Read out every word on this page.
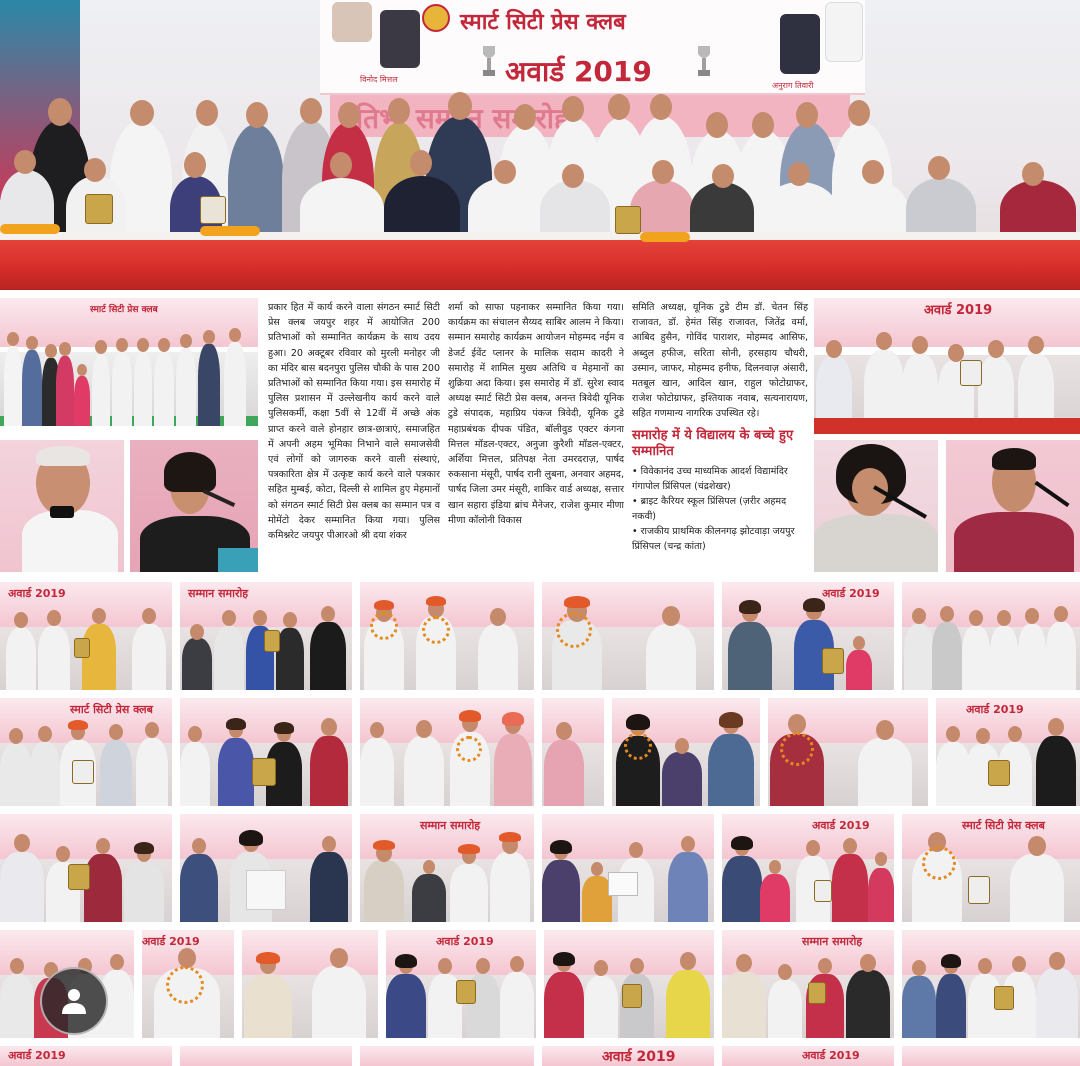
स्मार्ट सिटी प्रेस क्लब
अवार्ड 2019
विनोद मित्तल
अनुराग तिवारी
प्रतिभा
स्मार्ट सिटी प्रेस क्लब	प्रकार हित में कार्य करने वाला संगठन स्मार्ट सिटी प्रेस क्लब जयपुर शहर में आयोजित 200 प्रतिभाओं को सम्मानित कार्यक्रम के साथ उदय हुआ। 20 अक्टूबर रविवार को मुरली मनोहर जी का मंदिर बास बदनपुरा पुलिस चौकी के पास 200 प्रतिभाओं को सम्मानित किया गया। इस समारोह में पुलिस प्रशासन में उल्लेखनीय कार्य करने वाले पुलिसकर्मी, कक्षा 5वीं से 12वीं में अच्छे अंक प्राप्त करने वाले होनहार छात्र-छात्राएं, समाजहित में अपनी अहम भूमिका निभाने वाले समाजसेवी एवं लोगों को जागरुक करने वाली संस्थाएं, पत्रकारिता क्षेत्र में उत्कृष्ट कार्य करने वाले पत्रकार सहित मुम्बई, कोटा, दिल्ली से शामिल हुए मेहमानों को संगठन स्मार्ट सिटी प्रेस क्लब का सम्मान पत्र व मोमेंटो देकर सम्मानित किया गया। पुलिस कमिश्नरेट जयपुर पीआरओ श्री दया शंकर

शर्मा को साफा पहनाकर सम्मानित किया गया। कार्यक्रम का संचालन सैय्यद साबिर आलम ने किया। सम्मान समारोह कार्यक्रम आयोजन मोहम्मद नईम व डेजर्ट ईवेंट प्लानर के मालिक सदाम कादरी ने समारोह में शामिल मुख्य अतिथि व मेहमानों का शुक्रिया अदा किया। इस समारोह में डॉ. सुरेश स्वाद अध्यक्ष स्मार्ट सिटी प्रेस क्लब, अनन्त त्रिवेदी यूनिक टुडे संपादक, महाप्रिय पंकज त्रिवेदी, यूनिक टुडे महाप्रबंधक दीपक पंडित, बॉलीवुड एक्टर कंगना मित्तल मॉडल-एक्टर, अनुजा कुरैशी मॉडल-एक्टर, अर्शिया मित्तल, प्रतिपक्ष नेता उमरदराज़, पार्षद रुकसाना मंसूरी, पार्षद रानी लुबना, अनवार अहमद, पार्षद जिला उमर मंसूरी, शाकिर वार्ड अध्यक्ष, सत्तार खान सहारा इंडिया ब्रांच मैनेजर, राजेश कुमार मीणा मीणा कॉलोनी विकास

समिति अध्यक्ष, यूनिक टुडे टीम डॉ. चेतन सिंह राजावत, डॉ. हेमंत सिंह राजावत, जितेंद्र वर्मा, आबिद हुसैन, गोविंद पाराशर, मोहम्मद आसिफ, अब्दुल हफीज, सरिता सोनी, हरसहाय चौधरी, उस्मान, जाफर, मोहम्मद हनीफ, दिलनवाज़ अंसारी, मतबूल खान, आदिल खान, राहुल फोटोग्राफर, राजेश फोटोग्राफर, इश्तियाक नवाब, सत्यनारायण, सहित गणमान्य नागरिक उपस्थित रहे।

समारोह में ये विद्यालय के बच्चे हुए सम्मानित
• विवेकानंद उच्च माध्यमिक आदर्श विद्यामंदिर गंगापोल प्रिंसिपल (चंद्रशेखर)
• ब्राइट कैरियर स्कूल प्रिंसिपल (ज़रीर अहमद नकवी)
• राजकीय प्राथमिक कीलनगढ़ झोटवाड़ा जयपुर प्रिंसिपल (चन्द्र कांता)
अवार्ड 2019
अवार्ड 2019	सम्मान समारोह	अवार्ड 2019
स्मार्ट सिटी प्रेस क्लब	अवार्ड 2019
सम्मान समारोह	अवार्ड 2019	स्मार्ट सिटी प्रेस क्लब
अवार्ड 2019	अवार्ड 2019	सम्मान समारोह
अवार्ड 2019	अवार्ड 2019	अवार्ड 2019
